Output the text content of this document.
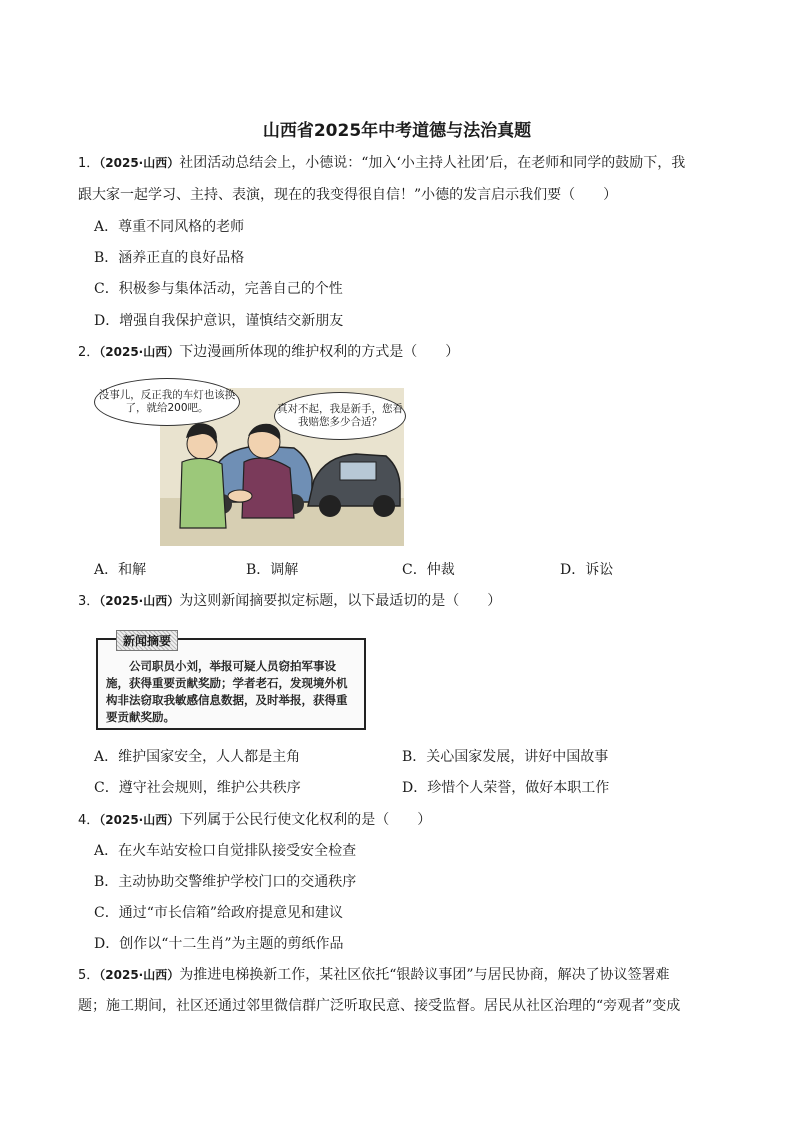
山西省2025年中考道德与法治真题
1．（2025·山西）社团活动总结会上，小德说：“加入‘小主持人社团’后，在老师和同学的鼓励下，我
跟大家一起学习、主持、表演，现在的我变得很自信！”小德的发言启示我们要（　　）
A．尊重不同风格的老师
B．涵养正直的良好品格
C．积极参与集体活动，完善自己的个性
D．增强自我保护意识，谨慎结交新朋友
2．（2025·山西）下边漫画所体现的维护权利的方式是（　　）
没事儿，反正我的车灯也该换了，就给200吧。	真对不起，我是新手，您看我赔您多少合适？
A．和解	B．调解	C．仲裁	D．诉讼
3．（2025·山西）为这则新闻摘要拟定标题，以下最适切的是（　　）
新闻摘要
公司职员小刘，举报可疑人员窃拍军事设施，获得重要贡献奖励；学者老石，发现境外机构非法窃取我敏感信息数据，及时举报，获得重要贡献奖励。
A．维护国家安全，人人都是主角	B．关心国家发展，讲好中国故事
C．遵守社会规则，维护公共秩序	D．珍惜个人荣誉，做好本职工作
4．（2025·山西）下列属于公民行使文化权利的是（　　）
A．在火车站安检口自觉排队接受安全检查
B．主动协助交警维护学校门口的交通秩序
C．通过“市长信箱”给政府提意见和建议
D．创作以“十二生肖”为主题的剪纸作品
5．（2025·山西）为推进电梯换新工作，某社区依托“银龄议事团”与居民协商，解决了协议签署难
题；施工期间，社区还通过邻里微信群广泛听取民意、接受监督。居民从社区治理的“旁观者”变成
